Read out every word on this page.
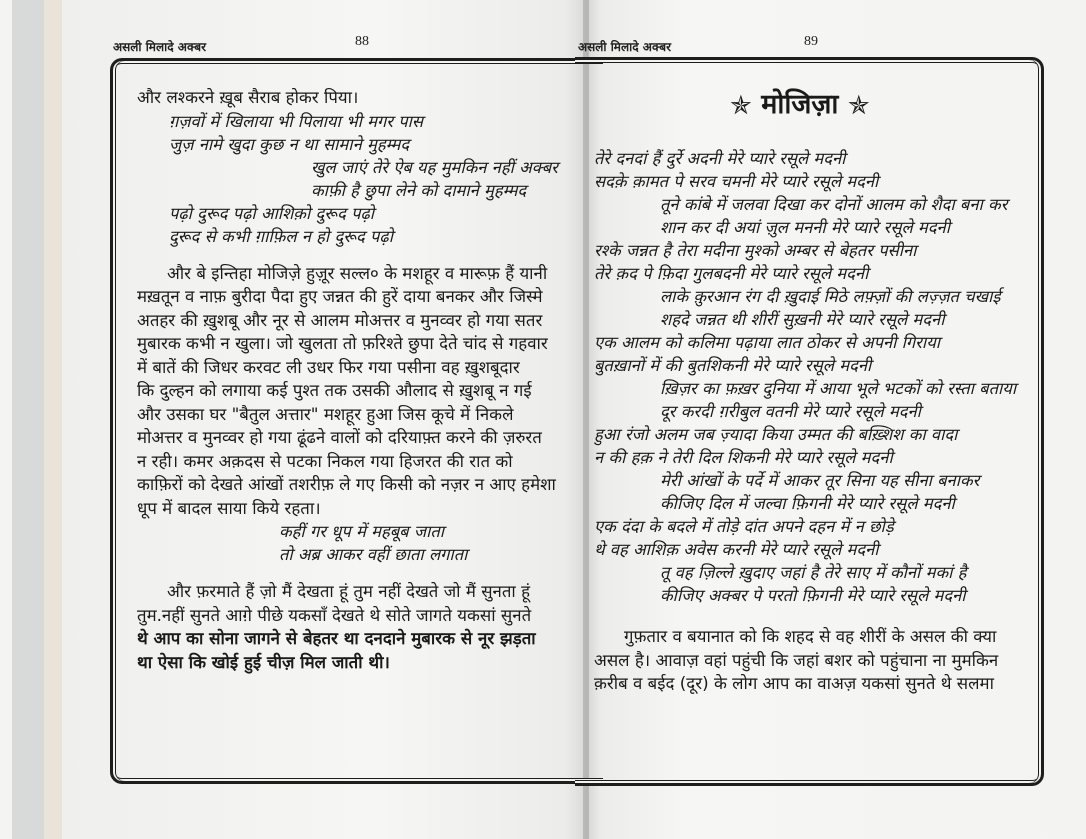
असली मिलादे अक्बर	88	असली मिलादे अक्बर	89
और लश्करने ख़ूब सैराब होकर पिया।
ग़ज़वों में खिलाया भी पिलाया भी मगर पास
जुज़ नामे खुदा कुछ न था सामाने मुहम्मद
खुल जाएं तेरे ऐब यह मुमकिन नहीं अक्बर
काफ़ी है छुपा लेने को दामाने मुहम्मद
पढ़ो दुरूद पढ़ो आशिक़ो दुरूद पढ़ो
दुरूद से कभी ग़ाफ़िल न हो दुरूद पढ़ो
और बे इन्तिहा मोजिज़े हुज़ूर सल्ल० के मशहूर व मारूफ़ हैं यानी
मख़तून व नाफ़ बुरीदा पैदा हुए जन्नत की हुरें दाया बनकर और जिस्मे
अतहर की ख़ुशबू और नूर से आलम मोअत्तर व मुनव्वर हो गया सतर
मुबारक कभी न खुला। जो खुलता तो फ़रिश्ते छुपा देते चांद से गहवार
में बातें की जिधर करवट ली उधर फिर गया पसीना वह ख़ुशबूदार
कि दुल्हन को लगाया कई पुश्त तक उसकी औलाद से ख़ुशबू न गई
और उसका घर "बैतुल अत्तार" मशहूर हुआ जिस कूचे में निकले
मोअत्तर व मुनव्वर हो गया ढूंढने वालों को दरियाफ़्त करने की ज़रुरत
न रही। कमर अक़दस से पटका निकल गया हिजरत की रात को
काफ़िरों को देखते आंखों तशरीफ़ ले गए किसी को नज़र न आए हमेशा
धूप में बादल साया किये रहता।
कहीं गर धूप में महबूब जाता
तो अब्र आकर वहीं छाता लगाता
और फ़रमाते हैं ज़ो मैं देखता हूं तुम नहीं देखते जो मैं सुनता हूं
तुम.नहीं सुनते आग़े पीछे यकसाँ देखते थे सोते जागते यकसां सुनते
थे आप का सोना जागने से बेहतर था दनदाने मुबारक से नूर झड़ता
था ऐसा कि खोई हुई चीज़ मिल जाती थी।
✯ मोजिज़ा ✯
तेरे दनदां हैं दुर्रे अदनी मेरे प्यारे रसूले मदनी
सदक़े क़ामत पे सरव चमनी मेरे प्यारे रसूले मदनी
तूने कांबे में जलवा दिखा कर दोनों आलम को शैदा बना कर
शान कर दी अयां ज़ुल मननी मेरे प्यारे रसूले मदनी
रश्के जन्नत है तेरा मदीना मुश्को अम्बर से बेहतर पसीना
तेरे क़द पे फ़िदा गुलबदनी मेरे प्यारे रसूले मदनी
लाके क़ुरआन रंग दी ख़ुदाई मिठे लफ़्ज़ों की लज़्ज़त चखाई
शहदे जन्नत थी शीरीं सुख़नी मेरे प्यारे रसूले मदनी
एक आलम को कलिमा पढ़ाया लात ठोकर से अपनी गिराया
बुतख़ानों में की बुतशिकनी मेरे प्यारे रसूले मदनी
ख़िज़र का फ़ख़र दुनिया में आया भूले भटकों को रस्ता बताया
दूर करदी ग़रीबुल वतनी मेरे प्यारे रसूले मदनी
हुआ रंजो अलम जब ज़्यादा किया उम्मत की बख़्शिश का वादा
न की हक़ ने तेरी दिल शिकनी मेरे प्यारे रसूले मदनी
मेरी आंखों के पर्दे में आकर तूर सिना यह सीना बनाकर
कीजिए दिल में जल्वा फ़िगनी मेरे प्यारे रसूले मदनी
एक दंदा के बदले में तोड़े दांत अपने दहन में न छोड़े
थे वह आशिक़ अवेस करनी मेरे प्यारे रसूले मदनी
तू वह ज़िल्ले ख़ुदाए जहां है तेरे साए में कौनों मकां है
कीजिए अक्बर पे परतो फ़िगनी मेरे प्यारे रसूले मदनी
गुफ़तार व बयानात को कि शहद से वह शीरीं के असल की क्या
असल है। आवाज़ वहां पहुंची कि जहां बशर को पहुंचाना ना मुमकिन
क़रीब व बईद (दूर) के लोग आप का वाअज़ यकसां सुनते थे सलमा
